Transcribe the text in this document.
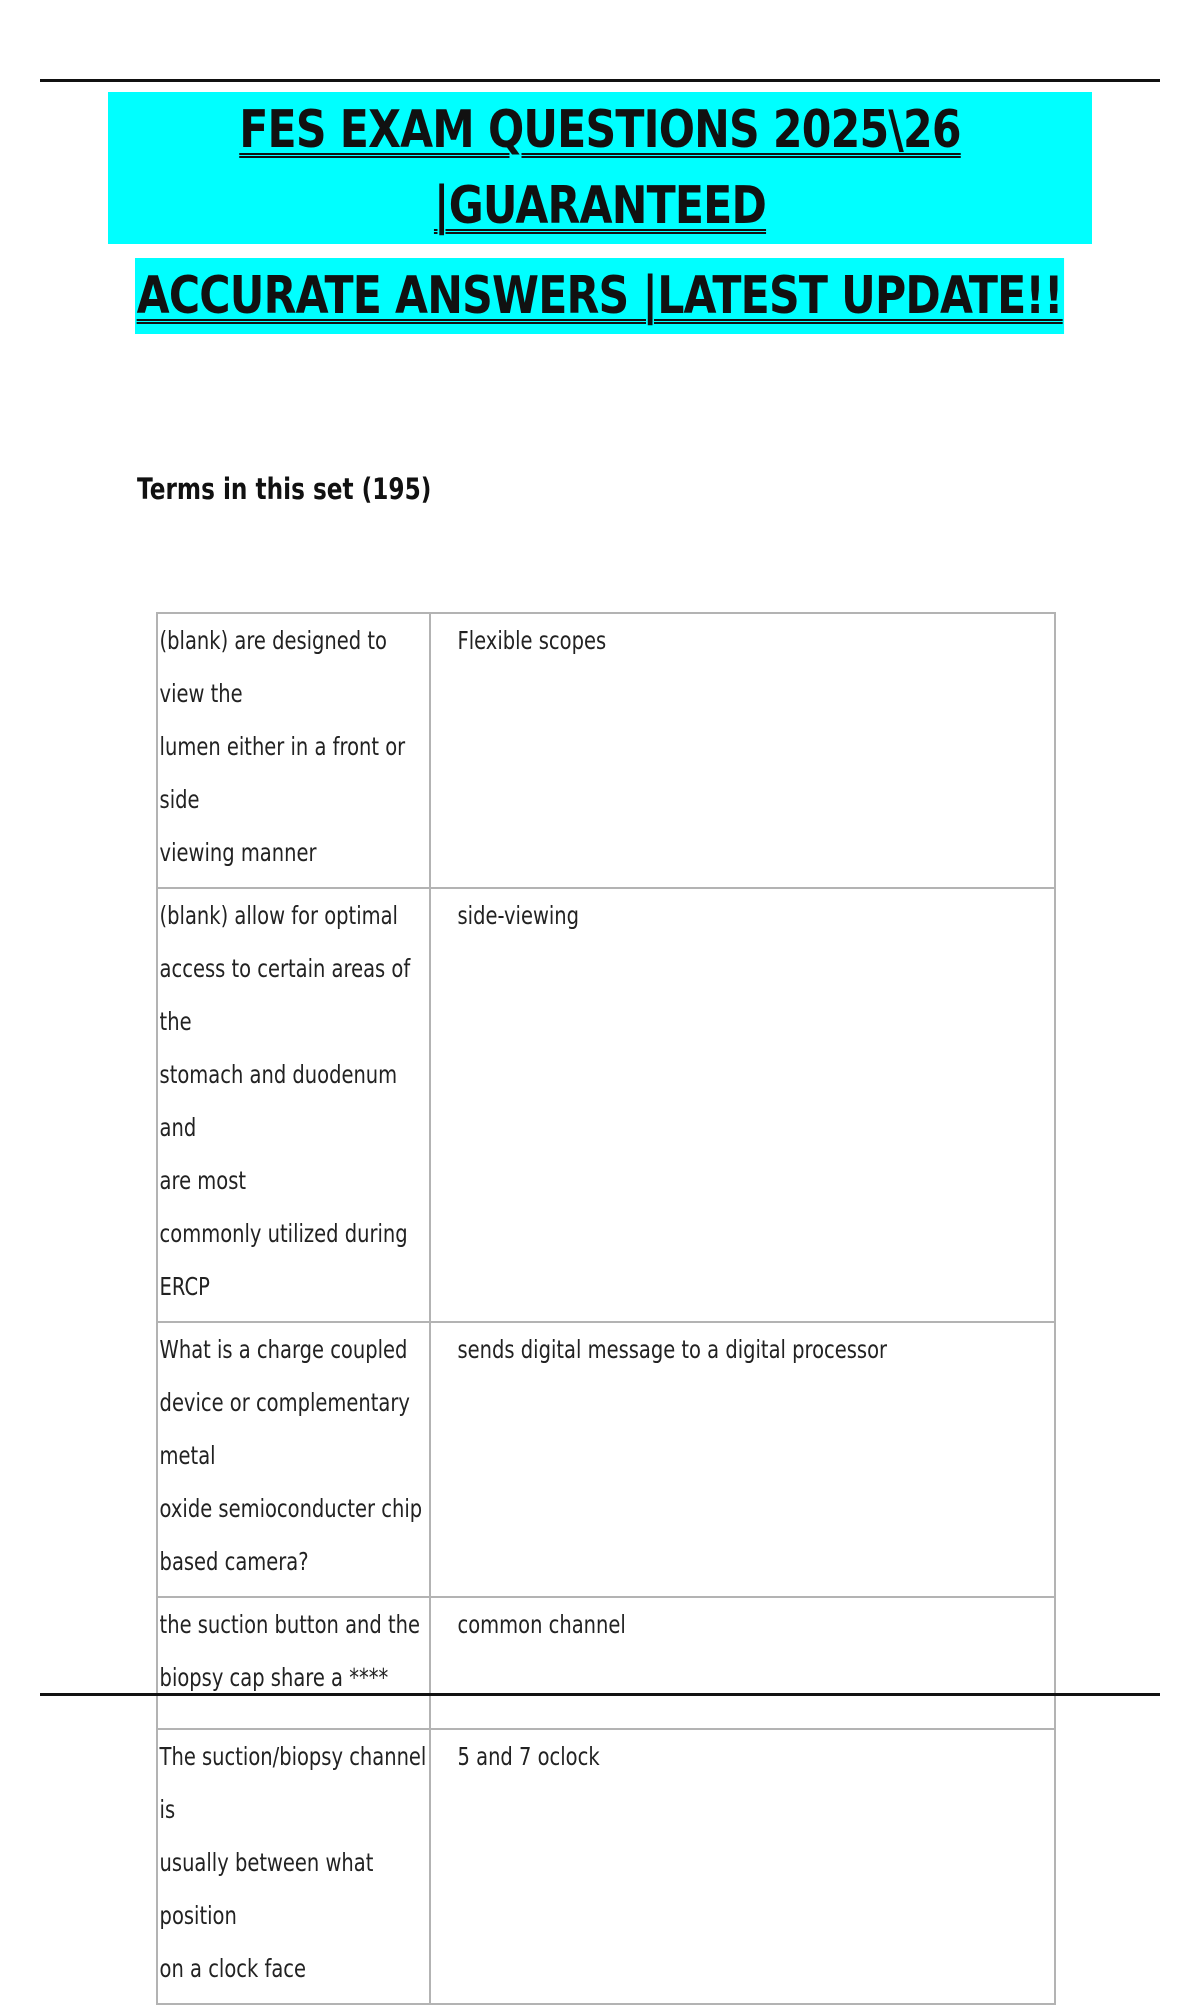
FES EXAM QUESTIONS 2025\26 |GUARANTEED
ACCURATE ANSWERS |LATEST UPDATE!!
Terms in this set (195)
(blank) are designed to view the
lumen either in a front or side
viewing manner	Flexible scopes

(blank) allow for optimal
access to certain areas of the
stomach and duodenum and
are most
commonly utilized during ERCP	side-viewing

What is a charge coupled
device or complementary metal
oxide semioconducter chip
based camera?	sends digital message to a digital processor

the suction button and the
biopsy cap share a ****	common channel

The suction/biopsy channel is
usually between what position
on a clock face	5 and 7 oclock
